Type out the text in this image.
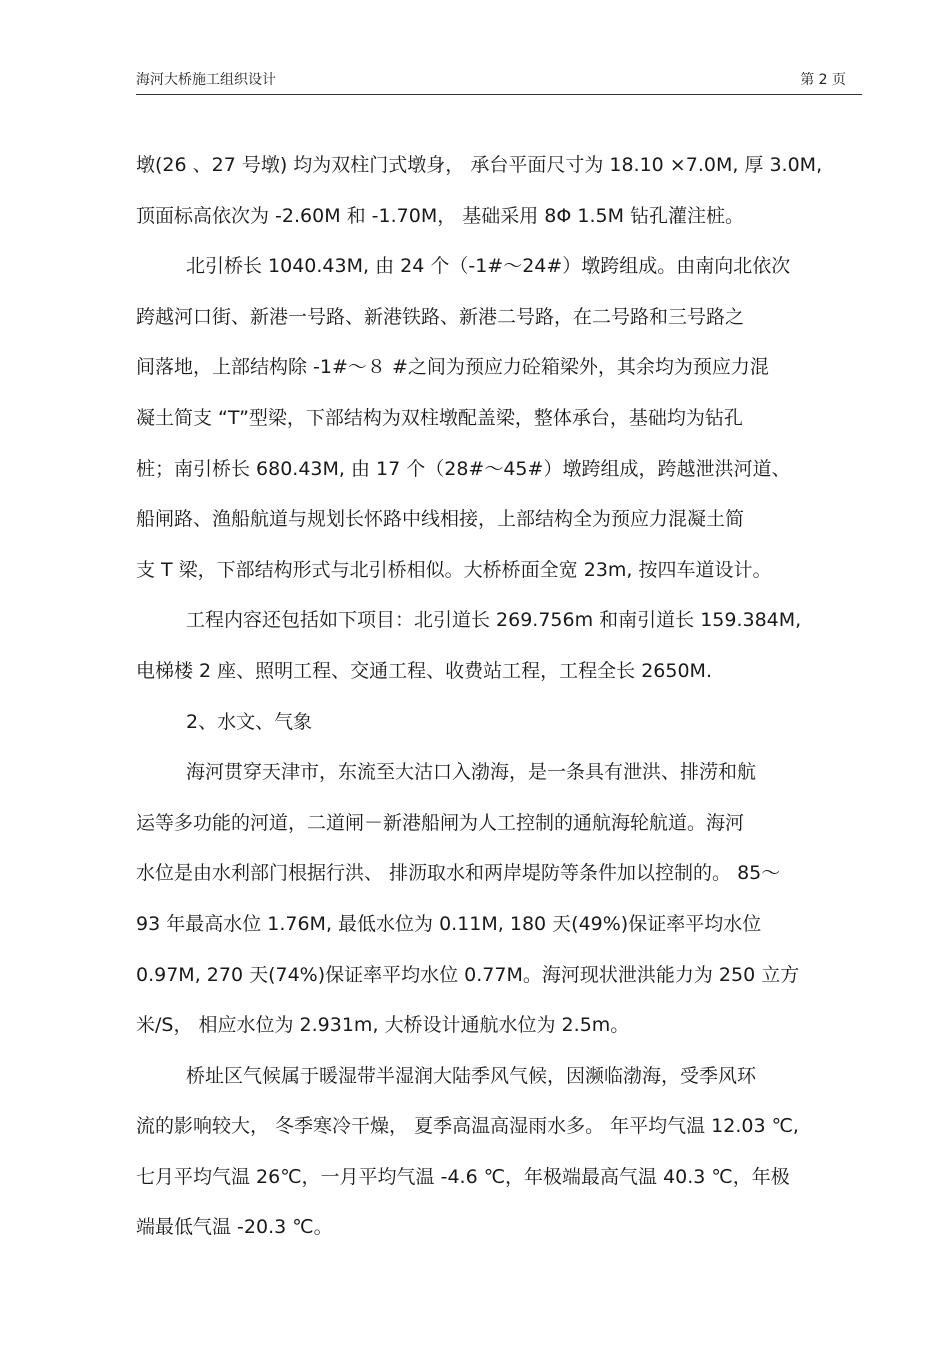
海河大桥施工组织设计	第 2 页
墩(26 、27 号墩) 均为双柱门式墩身， 承台平面尺寸为 18.10 ×7.0M, 厚 3.0M,
顶面标高依次为 -2.60M 和 -1.70M， 基础采用 8Φ 1.5M 钻孔灌注桩。
北引桥长 1040.43M, 由 24 个（-1#～24#）墩跨组成。由南向北依次
跨越河口街、新港一号路、新港铁路、新港二号路，在二号路和三号路之
间落地，上部结构除 -1#～８ #之间为预应力砼箱梁外，其余均为预应力混
凝土简支 “T”型梁，下部结构为双柱墩配盖梁，整体承台，基础均为钻孔
桩；南引桥长 680.43M, 由 17 个（28#～45#）墩跨组成，跨越泄洪河道、
船闸路、渔船航道与规划长怀路中线相接，上部结构全为预应力混凝土简
支 T 梁，下部结构形式与北引桥相似。大桥桥面全宽 23m, 按四车道设计。
工程内容还包括如下项目：北引道长 269.756m 和南引道长 159.384M,
电梯楼 2 座、照明工程、交通工程、收费站工程，工程全长 2650M.
2、水文、气象
海河贯穿天津市，东流至大沽口入渤海，是一条具有泄洪、排涝和航
运等多功能的河道，二道闸－新港船闸为人工控制的通航海轮航道。海河
水位是由水利部门根据行洪、 排沥取水和两岸堤防等条件加以控制的。 85～
93 年最高水位 1.76M, 最低水位为 0.11M, 180 天(49%)保证率平均水位
0.97M, 270 天(74%)保证率平均水位 0.77M。海河现状泄洪能力为 250 立方
米/S， 相应水位为 2.931m, 大桥设计通航水位为 2.5m。
桥址区气候属于暖湿带半湿润大陆季风气候，因濒临渤海，受季风环
流的影响较大， 冬季寒冷干燥， 夏季高温高湿雨水多。 年平均气温 12.03 ℃,
七月平均气温 26℃，一月平均气温 -4.6 ℃，年极端最高气温 40.3 ℃，年极
端最低气温 -20.3 ℃。
